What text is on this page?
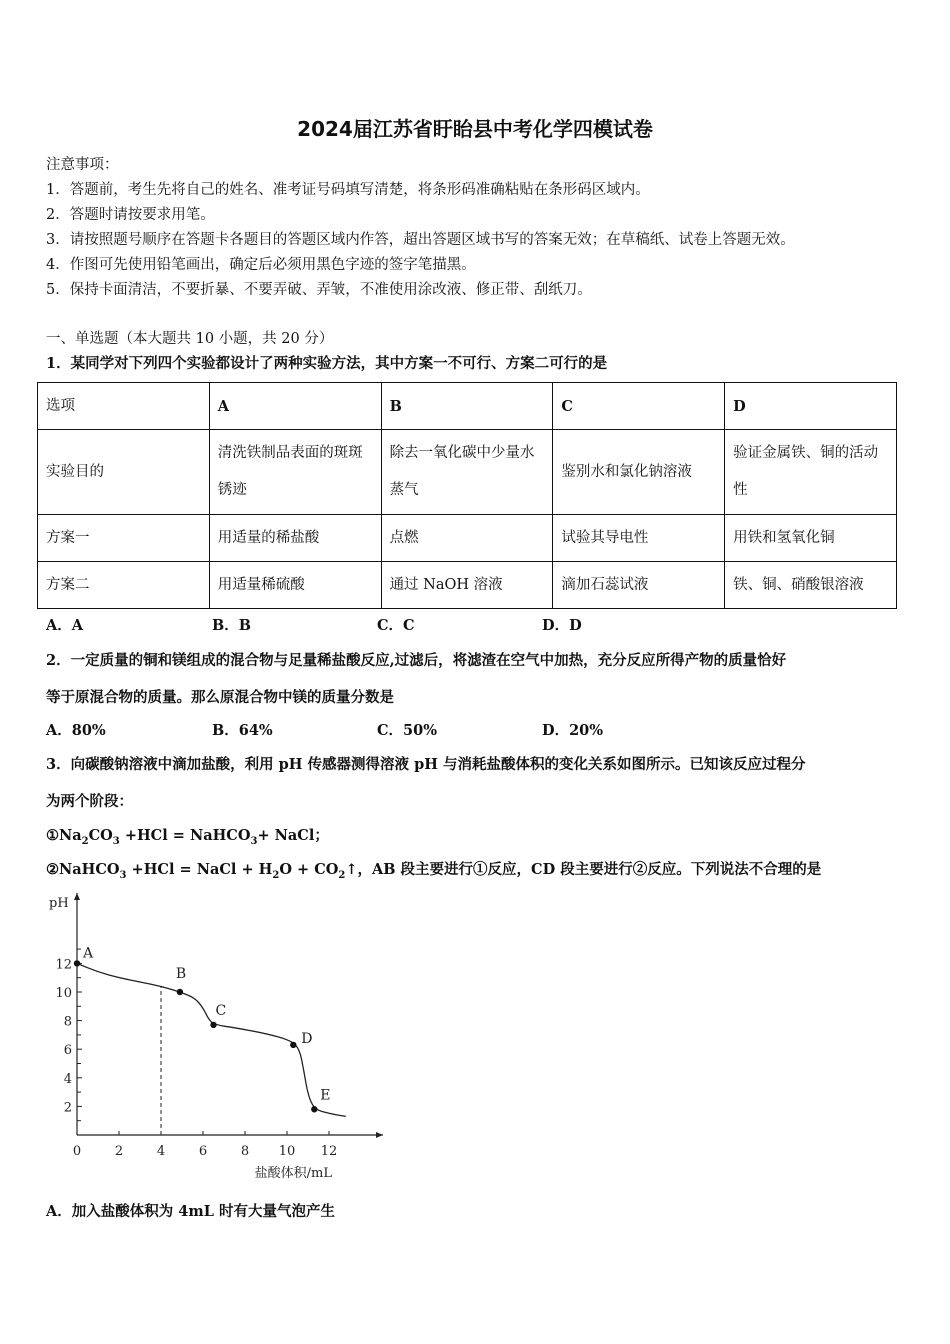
2024届江苏省盱眙县中考化学四模试卷
注意事项：
1．答题前，考生先将自己的姓名、准考证号码填写清楚，将条形码准确粘贴在条形码区域内。
2．答题时请按要求用笔。
3．请按照题号顺序在答题卡各题目的答题区域内作答，超出答题区域书写的答案无效；在草稿纸、试卷上答题无效。
4．作图可先使用铅笔画出，确定后必须用黑色字迹的签字笔描黑。
5．保持卡面清洁，不要折暴、不要弄破、弄皱，不准使用涂改液、修正带、刮纸刀。
一、单选题（本大题共 10 小题，共 20 分）
1．某同学对下列四个实验都设计了两种实验方法，其中方案一不可行、方案二可行的是
选项	A	B	C	D
实验目的	清洗铁制品表面的斑斑锈迹	除去一氧化碳中少量水蒸气	鉴别水和氯化钠溶液	验证金属铁、铜的活动性
方案一	用适量的稀盐酸	点燃	试验其导电性	用铁和氢氧化铜
方案二	用适量稀硫酸	通过 NaOH 溶液	滴加石蕊试液	铁、铜、硝酸银溶液
A．A	B．B	C．C	D．D
2．一定质量的铜和镁组成的混合物与足量稀盐酸反应,过滤后，将滤渣在空气中加热，充分反应所得产物的质量恰好
等于原混合物的质量。那么原混合物中镁的质量分数是
A．80%	B．64%	C．50%	D．20%
3．向碳酸钠溶液中滴加盐酸，利用 pH 传感器测得溶液 pH 与消耗盐酸体积的变化关系如图所示。已知该反应过程分
为两个阶段：
$①Na_2CO_3 +HCl$ = NaHCO$_3$+ NaCl；
②NaHCO$_3$ +HCl = NaCl + $H_2O$ + $CO_2↑$，AB 段主要进行①反应，CD 段主要进行②反应。下列说法不合理的是
0	2	4	6	8 10 12
2
4
6
8
10
12
pH
盐酸体积/mL
A
B
C
D
E
A．加入盐酸体积为 4mL 时有大量气泡产生
